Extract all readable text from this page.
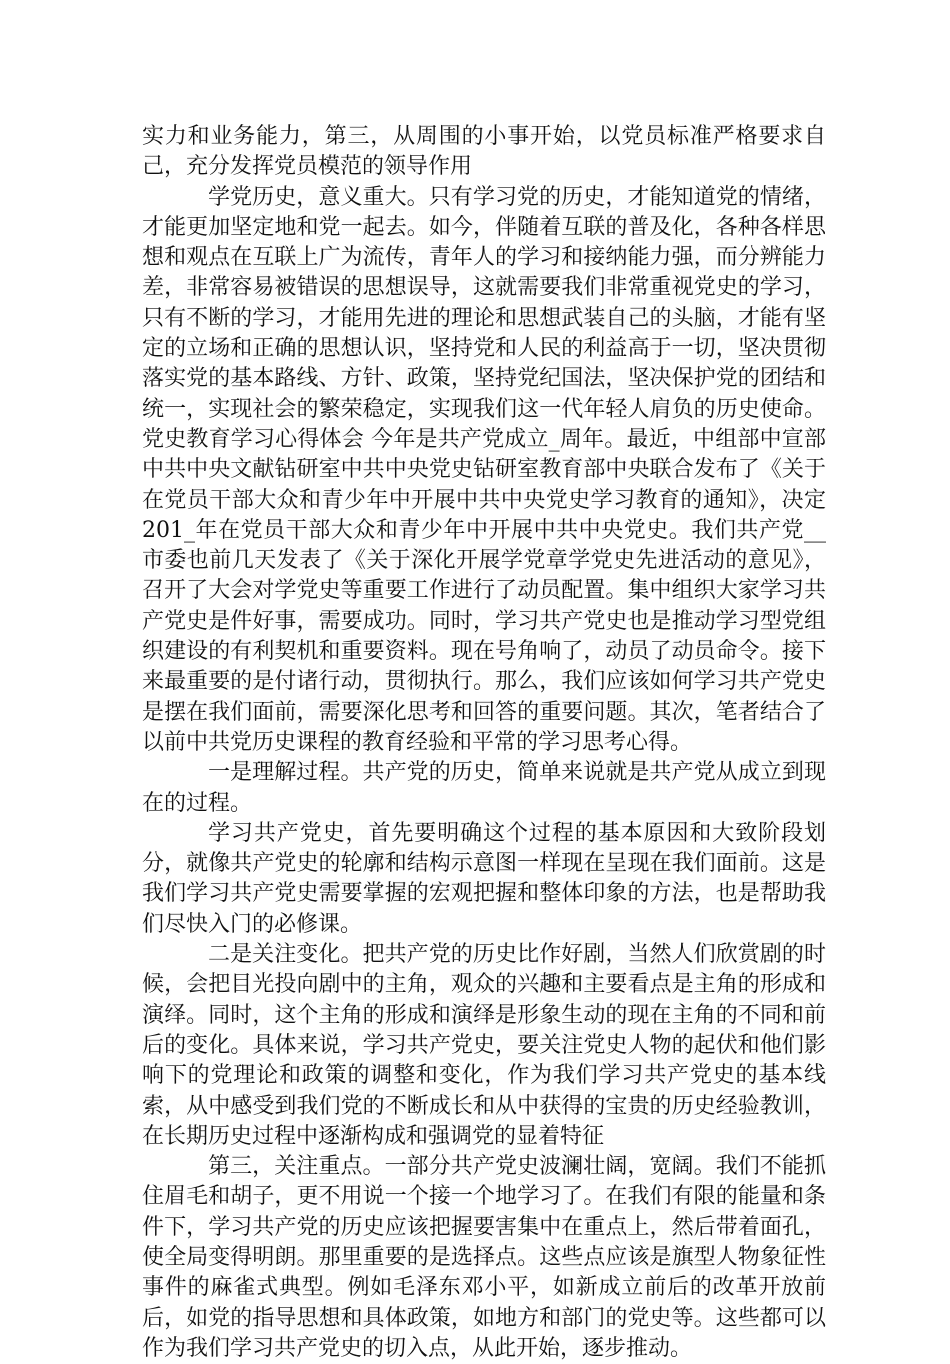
实力和业务能力，第三，从周围的小事开始，以党员标准严格要求自己，充分发挥党员模范的领导作用

学党历史，意义重大。只有学习党的历史，才能知道党的情绪，才能更加坚定地和党一起去。如今，伴随着互联的普及化，各种各样思想和观点在互联上广为流传，青年人的学习和接纳能力强，而分辨能力差，非常容易被错误的思想误导，这就需要我们非常重视党史的学习，只有不断的学习，才能用先进的理论和思想武装自己的头脑，才能有坚定的立场和正确的思想认识，坚持党和人民的利益高于一切，坚决贯彻落实党的基本路线、方针、政策，坚持党纪国法，坚决保护党的团结和统一，实现社会的繁荣稳定，实现我们这一代年轻人肩负的历史使命。 党史教育学习心得体会 今年是共产党成立_周年。最近，中组部中宣部中共中央文献钻研室中共中央党史钻研室教育部中央联合发布了《关于在党员干部大众和青少年中开展中共中央党史学习教育的通知》，决定 201_年在党员干部大众和青少年中开展中共中央党史。我们共产党__市委也前几天发表了《关于深化开展学党章学党史先进活动的意见》，召开了大会对学党史等重要工作进行了动员配置。集中组织大家学习共产党史是件好事，需要成功。同时，学习共产党史也是推动学习型党组织建设的有利契机和重要资料。现在号角响了，动员了动员命令。接下来最重要的是付诸行动，贯彻执行。那么，我们应该如何学习共产党史是摆在我们面前，需要深化思考和回答的重要问题。其次，笔者结合了以前中共党历史课程的教育经验和平常的学习思考心得。

一是理解过程。共产党的历史，简单来说就是共产党从成立到现在的过程。

学习共产党史，首先要明确这个过程的基本原因和大致阶段划分，就像共产党史的轮廓和结构示意图一样现在呈现在我们面前。这是我们学习共产党史需要掌握的宏观把握和整体印象的方法，也是帮助我们尽快入门的必修课。

二是关注变化。把共产党的历史比作好剧，当然人们欣赏剧的时候，会把目光投向剧中的主角，观众的兴趣和主要看点是主角的形成和演绎。同时，这个主角的形成和演绎是形象生动的现在主角的不同和前后的变化。具体来说，学习共产党史，要关注党史人物的起伏和他们影响下的党理论和政策的调整和变化，作为我们学习共产党史的基本线索，从中感受到我们党的不断成长和从中获得的宝贵的历史经验教训，在长期历史过程中逐渐构成和强调党的显着特征

第三，关注重点。一部分共产党史波澜壮阔，宽阔。我们不能抓住眉毛和胡子，更不用说一个接一个地学习了。在我们有限的能量和条件下，学习共产党的历史应该把握要害集中在重点上，然后带着面孔，使全局变得明朗。那里重要的是选择点。这些点应该是旗型人物象征性事件的麻雀式典型。例如毛泽东邓小平，如新成立前后的改革开放前后，如党的指导思想和具体政策，如地方和部门的党史等。这些都可以作为我们学习共产党史的切入点，从此开始，逐步推动。
